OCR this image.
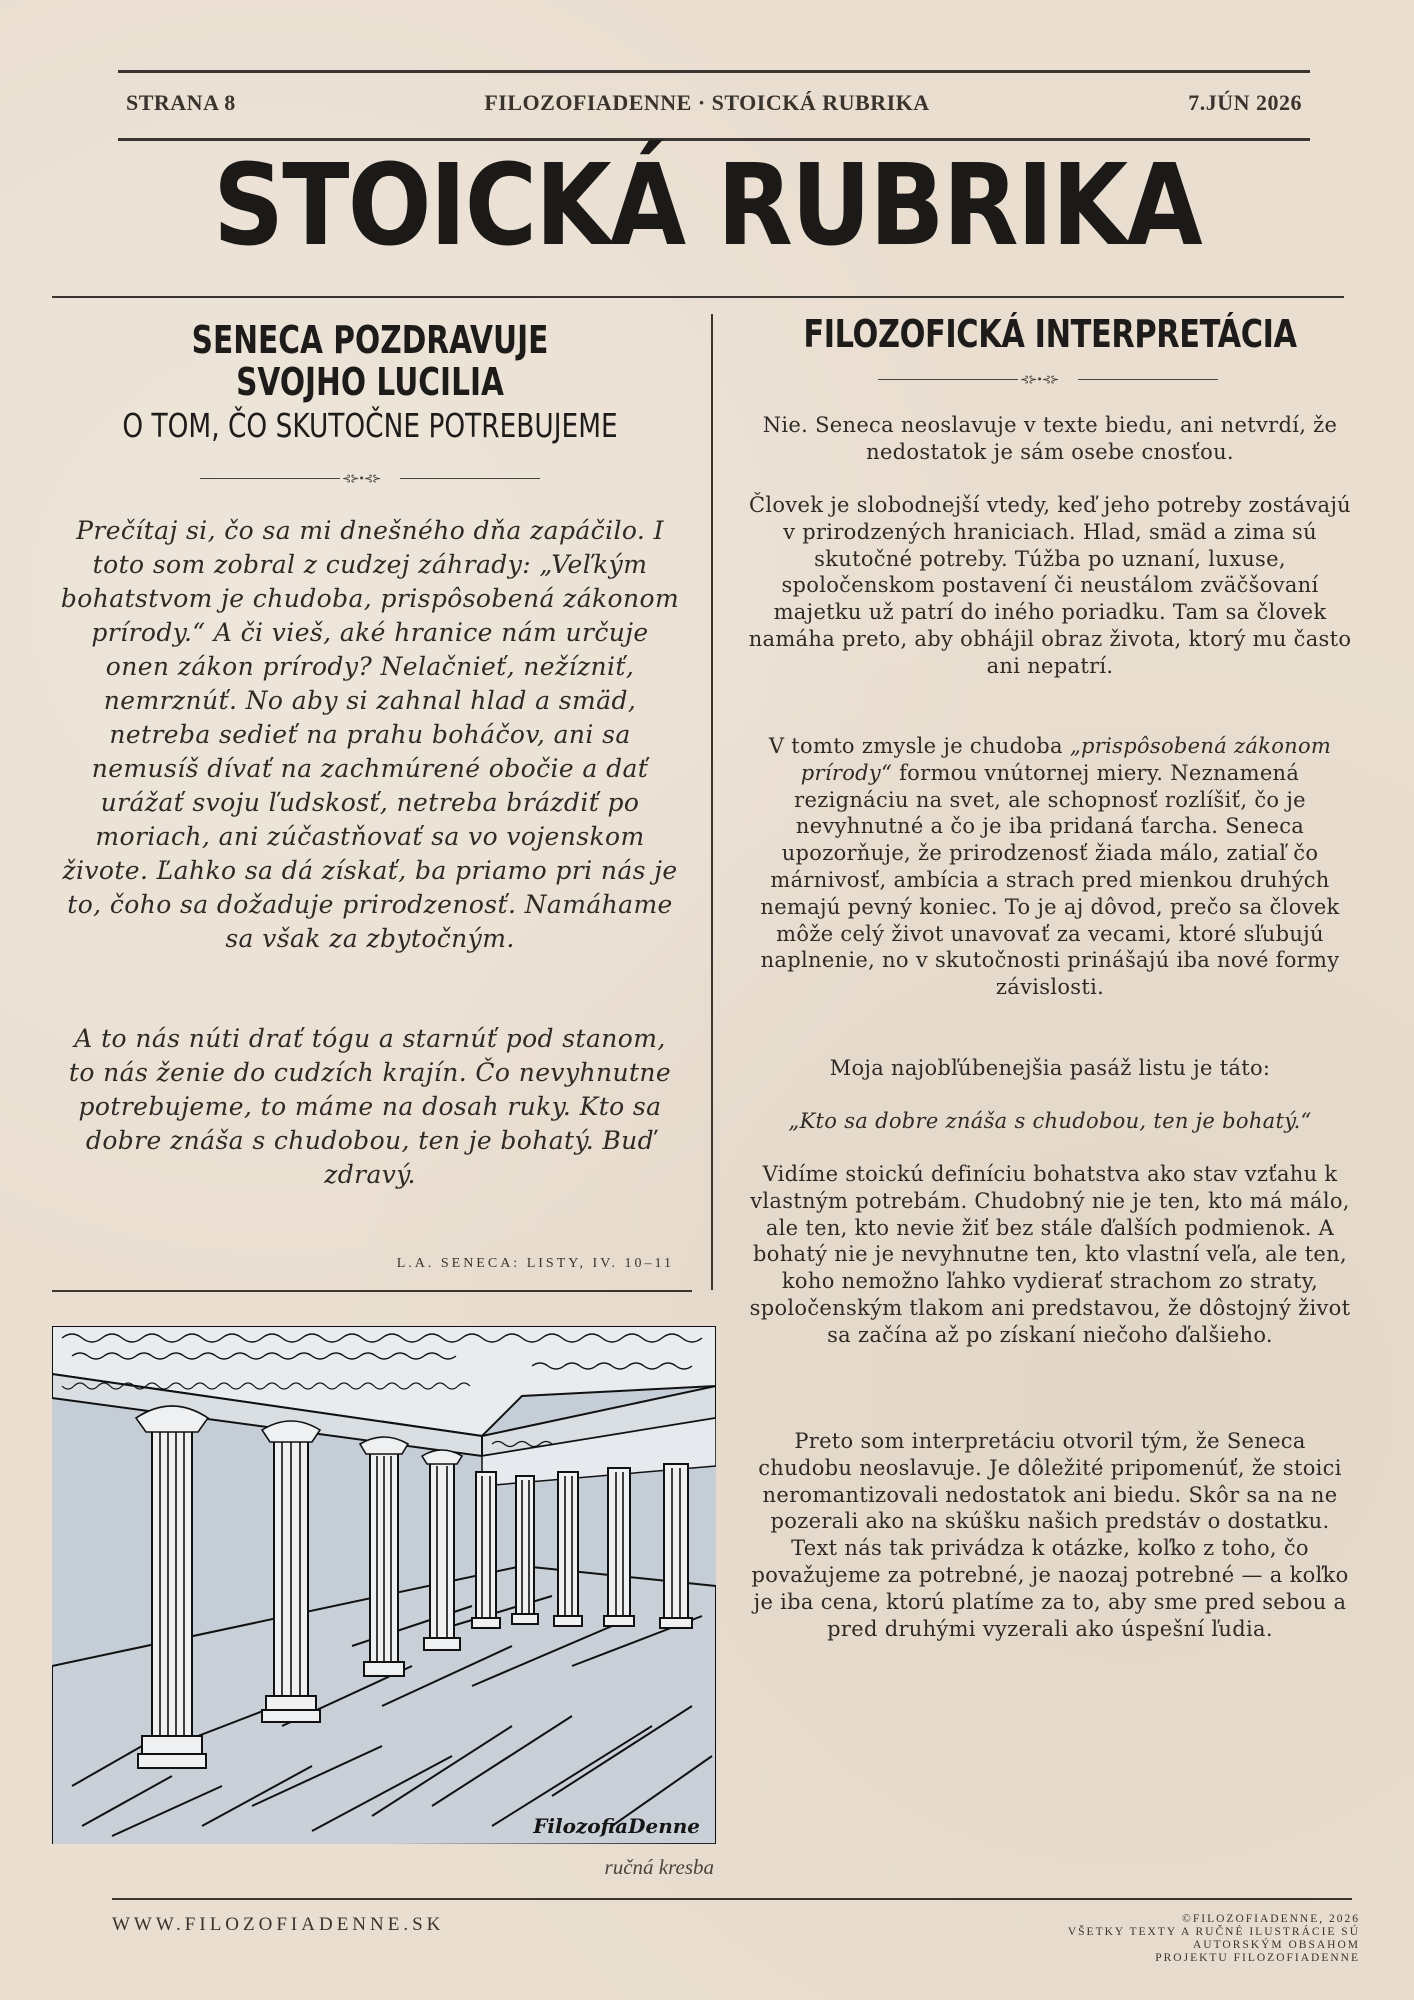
STRANA 8	FILOZOFIADENNE · STOICKÁ RUBRIKA	7.JÚN 2026
STOICKÁ RUBRIKA
SENECA POZDRAVUJE
SVOJHO LUCILIA
O TOM, ČO SKUTOČNE POTREBUJEME
⊰⊱•⊰⊱

Prečítaj si, čo sa mi dnešného dňa zapáčilo. I toto som zobral z cudzej záhrady: „Veľkým bohatstvom je chudoba, prispôsobená zákonom prírody.“ A či vieš, aké hranice nám určuje onen zákon prírody? Nelačnieť, nežízniť, nemrznúť. No aby si zahnal hlad a smäd, netreba sedieť na prahu boháčov, ani sa nemusíš dívať na zachmúrené obočie a dať urážať svoju ľudskosť, netreba brázdiť po moriach, ani zúčastňovať sa vo vojenskom živote. Ľahko sa dá získať, ba priamo pri nás je to, čoho sa dožaduje prirodzenosť. Namáhame sa však za zbytočným.

A to nás núti drať tógu a starnúť pod stanom, to nás ženie do cudzích krajín. Čo nevyhnutne potrebujeme, to máme na dosah ruky. Kto sa dobre znáša s chudobou, ten je bohatý. Buď zdravý.

L.A. SENECA: LISTY, IV. 10–11
FilozofiaDenne
ručná kresba
FILOZOFICKÁ INTERPRETÁCIA
⊰⊱•⊰⊱

Nie. Seneca neoslavuje v texte biedu, ani netvrdí, že nedostatok je sám osebe cnosťou.

Človek je slobodnejší vtedy, keď jeho potreby zostávajú v prirodzených hraniciach. Hlad, smäd a zima sú skutočné potreby. Túžba po uznaní, luxuse, spoločenskom postavení či neustálom zväčšovaní majetku už patrí do iného poriadku. Tam sa človek namáha preto, aby obhájil obraz života, ktorý mu často ani nepatrí.

V tomto zmysle je chudoba „prispôsobená zákonom prírody“ formou vnútornej miery. Neznamená rezignáciu na svet, ale schopnosť rozlíšiť, čo je nevyhnutné a čo je iba pridaná ťarcha. Seneca upozorňuje, že prirodzenosť žiada málo, zatiaľ čo márnivosť, ambícia a strach pred mienkou druhých nemajú pevný koniec. To je aj dôvod, prečo sa človek môže celý život unavovať za vecami, ktoré sľubujú naplnenie, no v skutočnosti prinášajú iba nové formy závislosti.

Moja najobľúbenejšia pasáž listu je táto:

„Kto sa dobre znáša s chudobou, ten je bohatý.“

Vidíme stoickú definíciu bohatstva ako stav vzťahu k vlastným potrebám. Chudobný nie je ten, kto má málo, ale ten, kto nevie žiť bez stále ďalších podmienok. A bohatý nie je nevyhnutne ten, kto vlastní veľa, ale ten, koho nemožno ľahko vydierať strachom zo straty, spoločenským tlakom ani predstavou, že dôstojný život sa začína až po získaní niečoho ďalšieho.

Preto som interpretáciu otvoril tým, že Seneca chudobu neoslavuje. Je dôležité pripomenúť, že stoici neromantizovali nedostatok ani biedu. Skôr sa na ne pozerali ako na skúšku našich predstáv o dostatku. Text nás tak privádza k otázke, koľko z toho, čo považujeme za potrebné, je naozaj potrebné — a koľko je iba cena, ktorú platíme za to, aby sme pred sebou a pred druhými vyzerali ako úspešní ľudia.

WWW.FILOZOFIADENNE.SK	©FILOZOFIADENNE, 2026
VŠETKY TEXTY A RUČNÉ ILUSTRÁCIE SÚ
AUTORSKÝM OBSAHOM
PROJEKTU FILOZOFIADENNE
